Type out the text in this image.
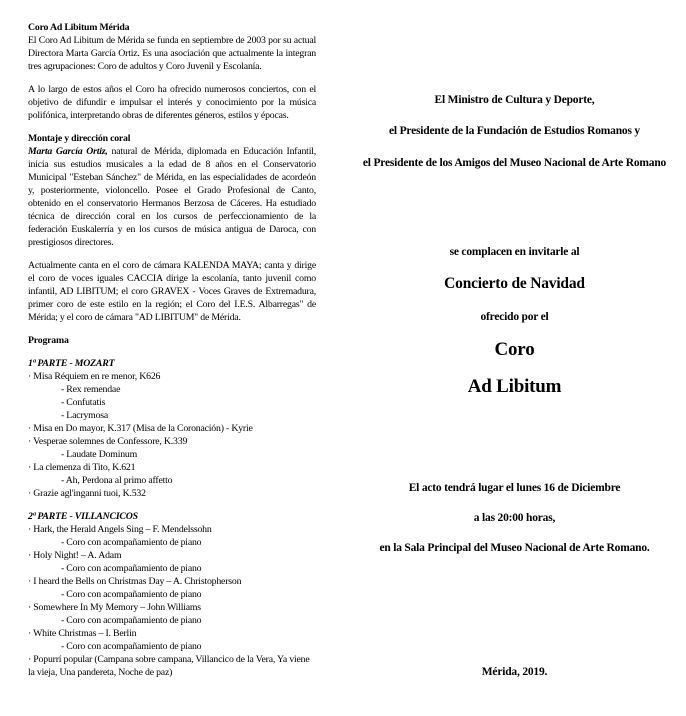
Coro Ad Libitum Mérida

El Coro Ad Libitum de Mérida se funda en septiembre de 2003 por su actual Directora Marta García Ortiz. Es una asociación que actualmente la integran tres agrupaciones: Coro de adultos y Coro Juvenil y Escolanía.

A lo largo de estos años el Coro ha ofrecido numerosos conciertos, con el objetivo de difundir e impulsar el interés y conocimiento por la música polifónica, interpretando obras de diferentes géneros, estilos y épocas.

Montaje y dirección coral

Marta García Ortiz, natural de Mérida, diplomada en Educación Infantil, inicia sus estudios musicales a la edad de 8 años en el Conservatorio Municipal "Esteban Sánchez" de Mérida, en las especialidades de acordeón y, posteriormente, violoncello. Posee el Grado Profesional de Canto, obtenido en el conservatorio Hermanos Berzosa de Cáceres. Ha estudiado técnica de dirección coral en los cursos de perfeccionamiento de la federación Euskalerría y en los cursos de música antigua de Daroca, con prestigiosos directores.

Actualmente canta en el coro de cámara KALENDA MAYA; canta y dirige el coro de voces iguales CACCIA dirige la escolanía, tanto juvenil como infantil, AD LIBITUM; el coro GRAVEX - Voces Graves de Extremadura, primer coro de este estilo en la región; el Coro del I.E.S. Albarregas" de Mérida; y el coro de cámara "AD LIBITUM" de Mérida.

Programa
1ª PARTE - MOZART
· Misa Réquiem en re menor, K626
- Rex remendae
- Confutatis
- Lacrymosa
· Misa en Do mayor, K.317 (Misa de la Coronación) - Kyrie
· Vesperae solemnes de Confessore, K.339
- Laudate Dominum
· La clemenza di Tito, K.621
- Ah, Perdona al primo affetto
· Grazie agl'inganni tuoi, K.532
2ª PARTE - VILLANCICOS
· Hark, the Herald Angels Sing – F. Mendelssohn
- Coro con acompañamiento de piano
· Holy Night! – A. Adam
- Coro con acompañamiento de piano
· I heard the Bells on Christmas Day – A. Christopherson
- Coro con acompañamiento de piano
· Somewhere In My Memory – John Williams
- Coro con acompañamiento de piano
· White Christmas – I. Berlin
- Coro con acompañamiento de piano
· Popurrí popular (Campana sobre campana, Villancico de la Vera, Ya viene la vieja, Una pandereta, Noche de paz)
El Ministro de Cultura y Deporte,
el Presidente de la Fundación de Estudios Romanos y
el Presidente de los Amigos del Museo Nacional de Arte Romano
se complacen en invitarle al
Concierto de Navidad
ofrecido por el
Coro
Ad Libitum
El acto tendrá lugar el lunes 16 de Diciembre
a las 20:00 horas,
en la Sala Principal del Museo Nacional de Arte Romano.
Mérida, 2019.
